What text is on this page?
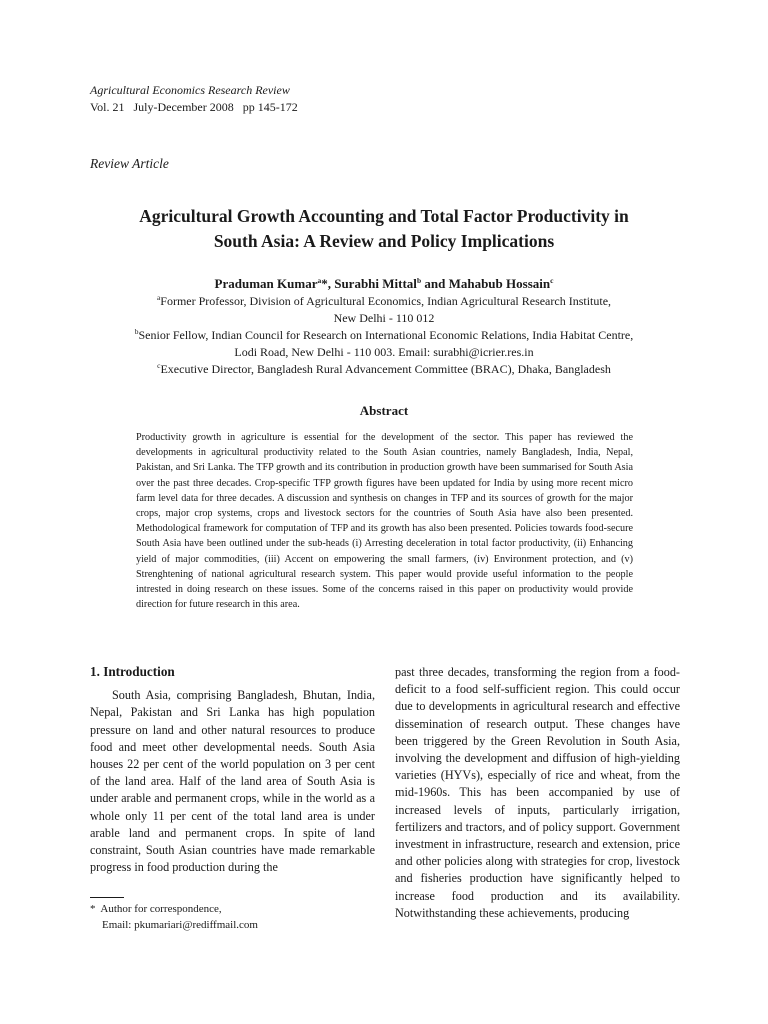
Agricultural Economics Research Review
Vol. 21   July-December 2008   pp 145-172
Review Article
Agricultural Growth Accounting and Total Factor Productivity in
South Asia: A Review and Policy Implications
Praduman Kumar$^a$*, Surabhi Mittal$^b$ and Mahabub Hossain$^c$
$^a$Former Professor, Division of Agricultural Economics, Indian Agricultural Research Institute,
New Delhi - 110 012
$^b$Senior Fellow, Indian Council for Research on International Economic Relations, India Habitat Centre,
Lodi Road, New Delhi - 110 003. Email: surabhi@icrier.res.in
$^c$Executive Director, Bangladesh Rural Advancement Committee (BRAC), Dhaka, Bangladesh
Abstract
Productivity growth in agriculture is essential for the development of the sector. This paper has reviewed the developments in agricultural productivity related to the South Asian countries, namely Bangladesh, India, Nepal, Pakistan, and Sri Lanka. The TFP growth and its contribution in production growth have been summarised for South Asia over the past three decades. Crop-specific TFP growth figures have been updated for India by using more recent micro farm level data for three decades. A discussion and synthesis on changes in TFP and its sources of growth for the major crops, major crop systems, crops and livestock sectors for the countries of South Asia have also been presented. Methodological framework for computation of TFP and its growth has also been presented. Policies towards food-secure South Asia have been outlined under the sub-heads (i) Arresting deceleration in total factor productivity, (ii) Enhancing yield of major commodities, (iii) Accent on empowering the small farmers, (iv) Environment protection, and (v) Strenghtening of national agricultural research system. This paper would provide useful information to the people intrested in doing research on these issues. Some of the concerns raised in this paper on productivity would provide direction for future research in this area.
1. Introduction

South Asia, comprising Bangladesh, Bhutan, India, Nepal, Pakistan and Sri Lanka has high population pressure on land and other natural resources to produce food and meet other developmental needs. South Asia houses 22 per cent of the world population on 3 per cent of the land area. Half of the land area of South Asia is under arable and permanent crops, while in the world as a whole only 11 per cent of the total land area is under arable land and permanent crops. In spite of land constraint, South Asian countries have made remarkable progress in food production during the

past three decades, transforming the region from a food-deficit to a food self-sufficient region. This could occur due to developments in agricultural research and effective dissemination of research output. These changes have been triggered by the Green Revolution in South Asia, involving the development and diffusion of high-yielding varieties (HYVs), especially of rice and wheat, from the mid-1960s. This has been accompanied by use of increased levels of inputs, particularly irrigation, fertilizers and tractors, and of policy support. Government investment in infrastructure, research and extension, price and other policies along with strategies for crop, livestock and fisheries production have significantly helped to increase food production and its availability. Notwithstanding these achievements, producing

*  Author for correspondence,
Email: pkumariari@rediffmail.com
